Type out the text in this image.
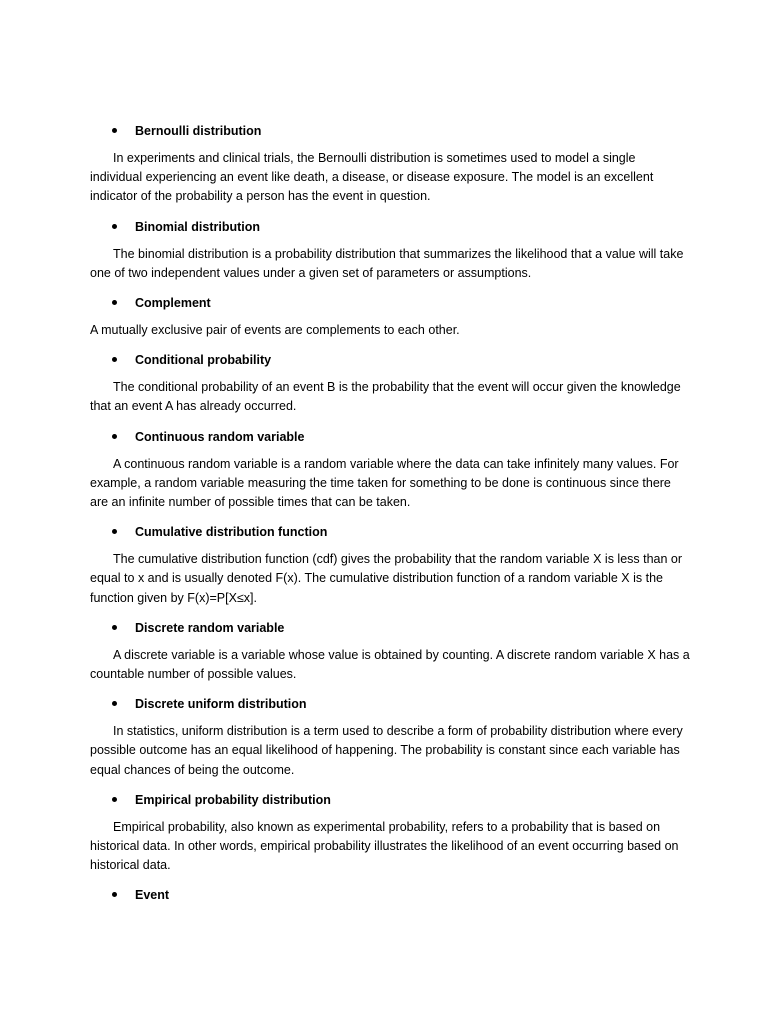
Bernoulli distribution

In experiments and clinical trials, the Bernoulli distribution is sometimes used to model a single individual experiencing an event like death, a disease, or disease exposure. The model is an excellent indicator of the probability a person has the event in question.

Binomial distribution

The binomial distribution is a probability distribution that summarizes the likelihood that a value will take one of two independent values under a given set of parameters or assumptions.

Complement

A mutually exclusive pair of events are complements to each other.

Conditional probability

The conditional probability of an event B is the probability that the event will occur given the knowledge that an event A has already occurred.

Continuous random variable

A continuous random variable is a random variable where the data can take infinitely many values. For example, a random variable measuring the time taken for something to be done is continuous since there are an infinite number of possible times that can be taken.

Cumulative distribution function

The cumulative distribution function (cdf) gives the probability that the random variable X is less than or equal to x and is usually denoted F(x). The cumulative distribution function of a random variable X is the function given by F(x)=P[X≤x].

Discrete random variable

A discrete variable is a variable whose value is obtained by counting. A discrete random variable X has a countable number of possible values.

Discrete uniform distribution

In statistics, uniform distribution is a term used to describe a form of probability distribution where every possible outcome has an equal likelihood of happening. The probability is constant since each variable has equal chances of being the outcome.

Empirical probability distribution

Empirical probability, also known as experimental probability, refers to a probability that is based on historical data. In other words, empirical probability illustrates the likelihood of an event occurring based on historical data.

Event
